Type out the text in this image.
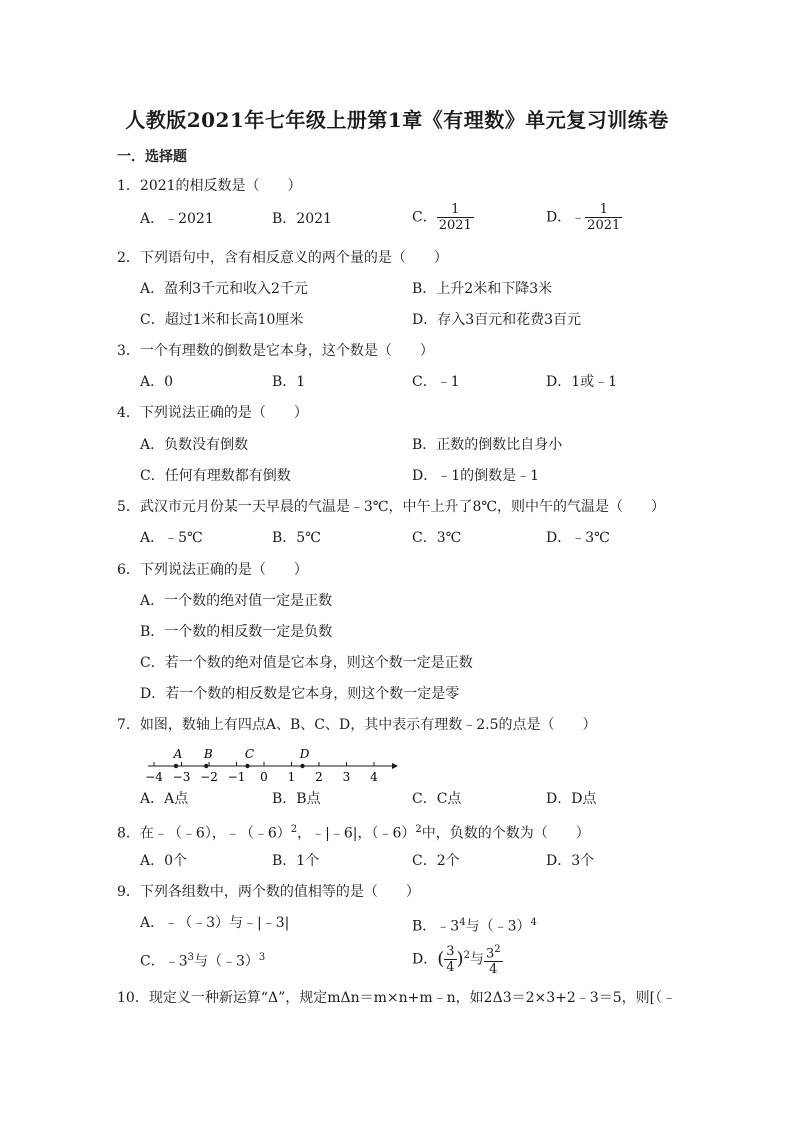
人教版2021年七年级上册第1章《有理数》单元复习训练卷
一．选择题
1．2021的相反数是（　　）
A．﹣2021	B．2021	C． $\frac{1}{2021}$	D．﹣ $\frac{1}{2021}$
2．下列语句中，含有相反意义的两个量的是（　　）
A．盈利3千元和收入2千元	B．上升2米和下降3米
C．超过1米和长高10厘米	D．存入3百元和花费3百元
3．一个有理数的倒数是它本身，这个数是（　　）
A．0	B．1	C．﹣1	D．1或﹣1
4．下列说法正确的是（　　）
A．负数没有倒数	B．正数的倒数比自身小
C．任何有理数都有倒数	D．﹣1的倒数是﹣1
5．武汉市元月份某一天早晨的气温是﹣3℃，中午上升了8℃，则中午的气温是（　　）
A．﹣5℃	B．5℃	C．3℃	D．﹣3℃
6．下列说法正确的是（　　）
A．一个数的绝对值一定是正数
B．一个数的相反数一定是负数
C．若一个数的绝对值是它本身，则这个数一定是正数
D．若一个数的相反数是它本身，则这个数一定是零
7．如图，数轴上有四点A、B、C、D，其中表示有理数﹣2.5的点是（　　）
−4 −3 −2 −1 0 1 2 3 4
A B	C	D
A．A点	B．B点	C．C点	D．D点
8．在﹣（﹣6），﹣（﹣6）$^2$，﹣|﹣6|，（﹣6）$^2$中，负数的个数为（　　）
A．0个	B．1个	C．2个	D．3个
9．下列各组数中，两个数的值相等的是（　　）
A．﹣（﹣3）与﹣|﹣3|	B．$﹣3^4$与（﹣3）$^4$
C．$﹣3^3$与（﹣3）$^3$	D．( $\frac{3}{4} )^2$与 $\frac{3^2}{4}$
10．现定义一种新运算“Δ”，规定mΔn＝m×n+m﹣n，如2Δ3＝2×3+2﹣3＝5，则[（﹣
